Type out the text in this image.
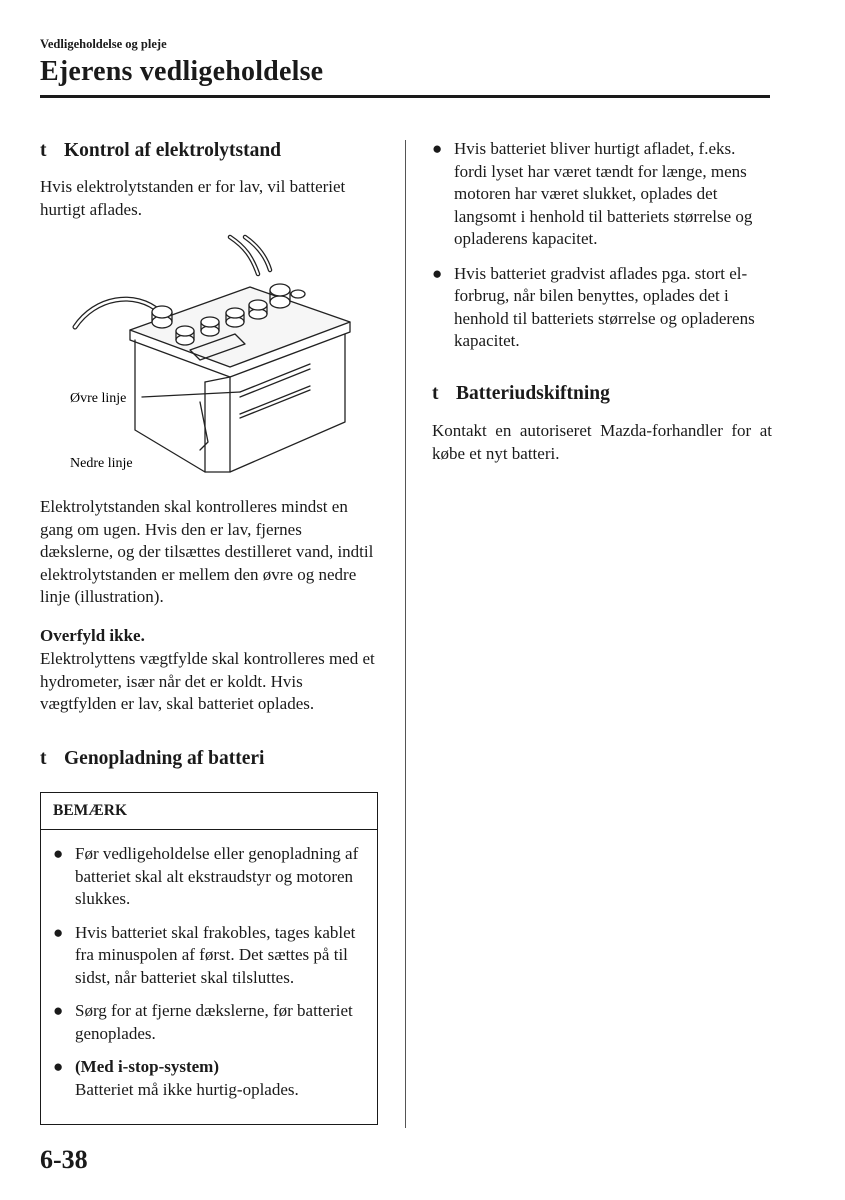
Vedligeholdelse og pleje
Ejerens vedligeholdelse
t Kontrol af elektrolytstand
Hvis elektrolytstanden er for lav, vil batteriet hurtigt aflades.
Øvre linje
Nedre linje
Elektrolytstanden skal kontrolleres mindst en gang om ugen. Hvis den er lav, fjernes dækslerne, og der tilsættes destilleret vand, indtil elektrolytstanden er mellem den øvre og nedre linje (illustration).
Overfyld ikke.
Elektrolyttens vægtfylde skal kontrolleres med et hydrometer, især når det er koldt. Hvis vægtfylden er lav, skal batteriet oplades.
t Genopladning af batteri
BEMÆRK
● Før vedligeholdelse eller genopladning af batteriet skal alt ekstraudstyr og motoren slukkes.
● Hvis batteriet skal frakobles, tages kablet fra minuspolen af først. Det sættes på til sidst, når batteriet skal tilsluttes.
● Sørg for at fjerne dækslerne, før batteriet genoplades.
● (Med i-stop-system)
Batteriet må ikke hurtig-oplades.
● Hvis batteriet bliver hurtigt afladet, f.eks. fordi lyset har været tændt for længe, mens motoren har været slukket, oplades det langsomt i henhold til batteriets størrelse og opladerens kapacitet.
● Hvis batteriet gradvist aflades pga. stort el-forbrug, når bilen benyttes, oplades det i henhold til batteriets størrelse og opladerens kapacitet.
t Batteriudskiftning
Kontakt en autoriseret Mazda-forhandler for at købe et nyt batteri.
6-38
